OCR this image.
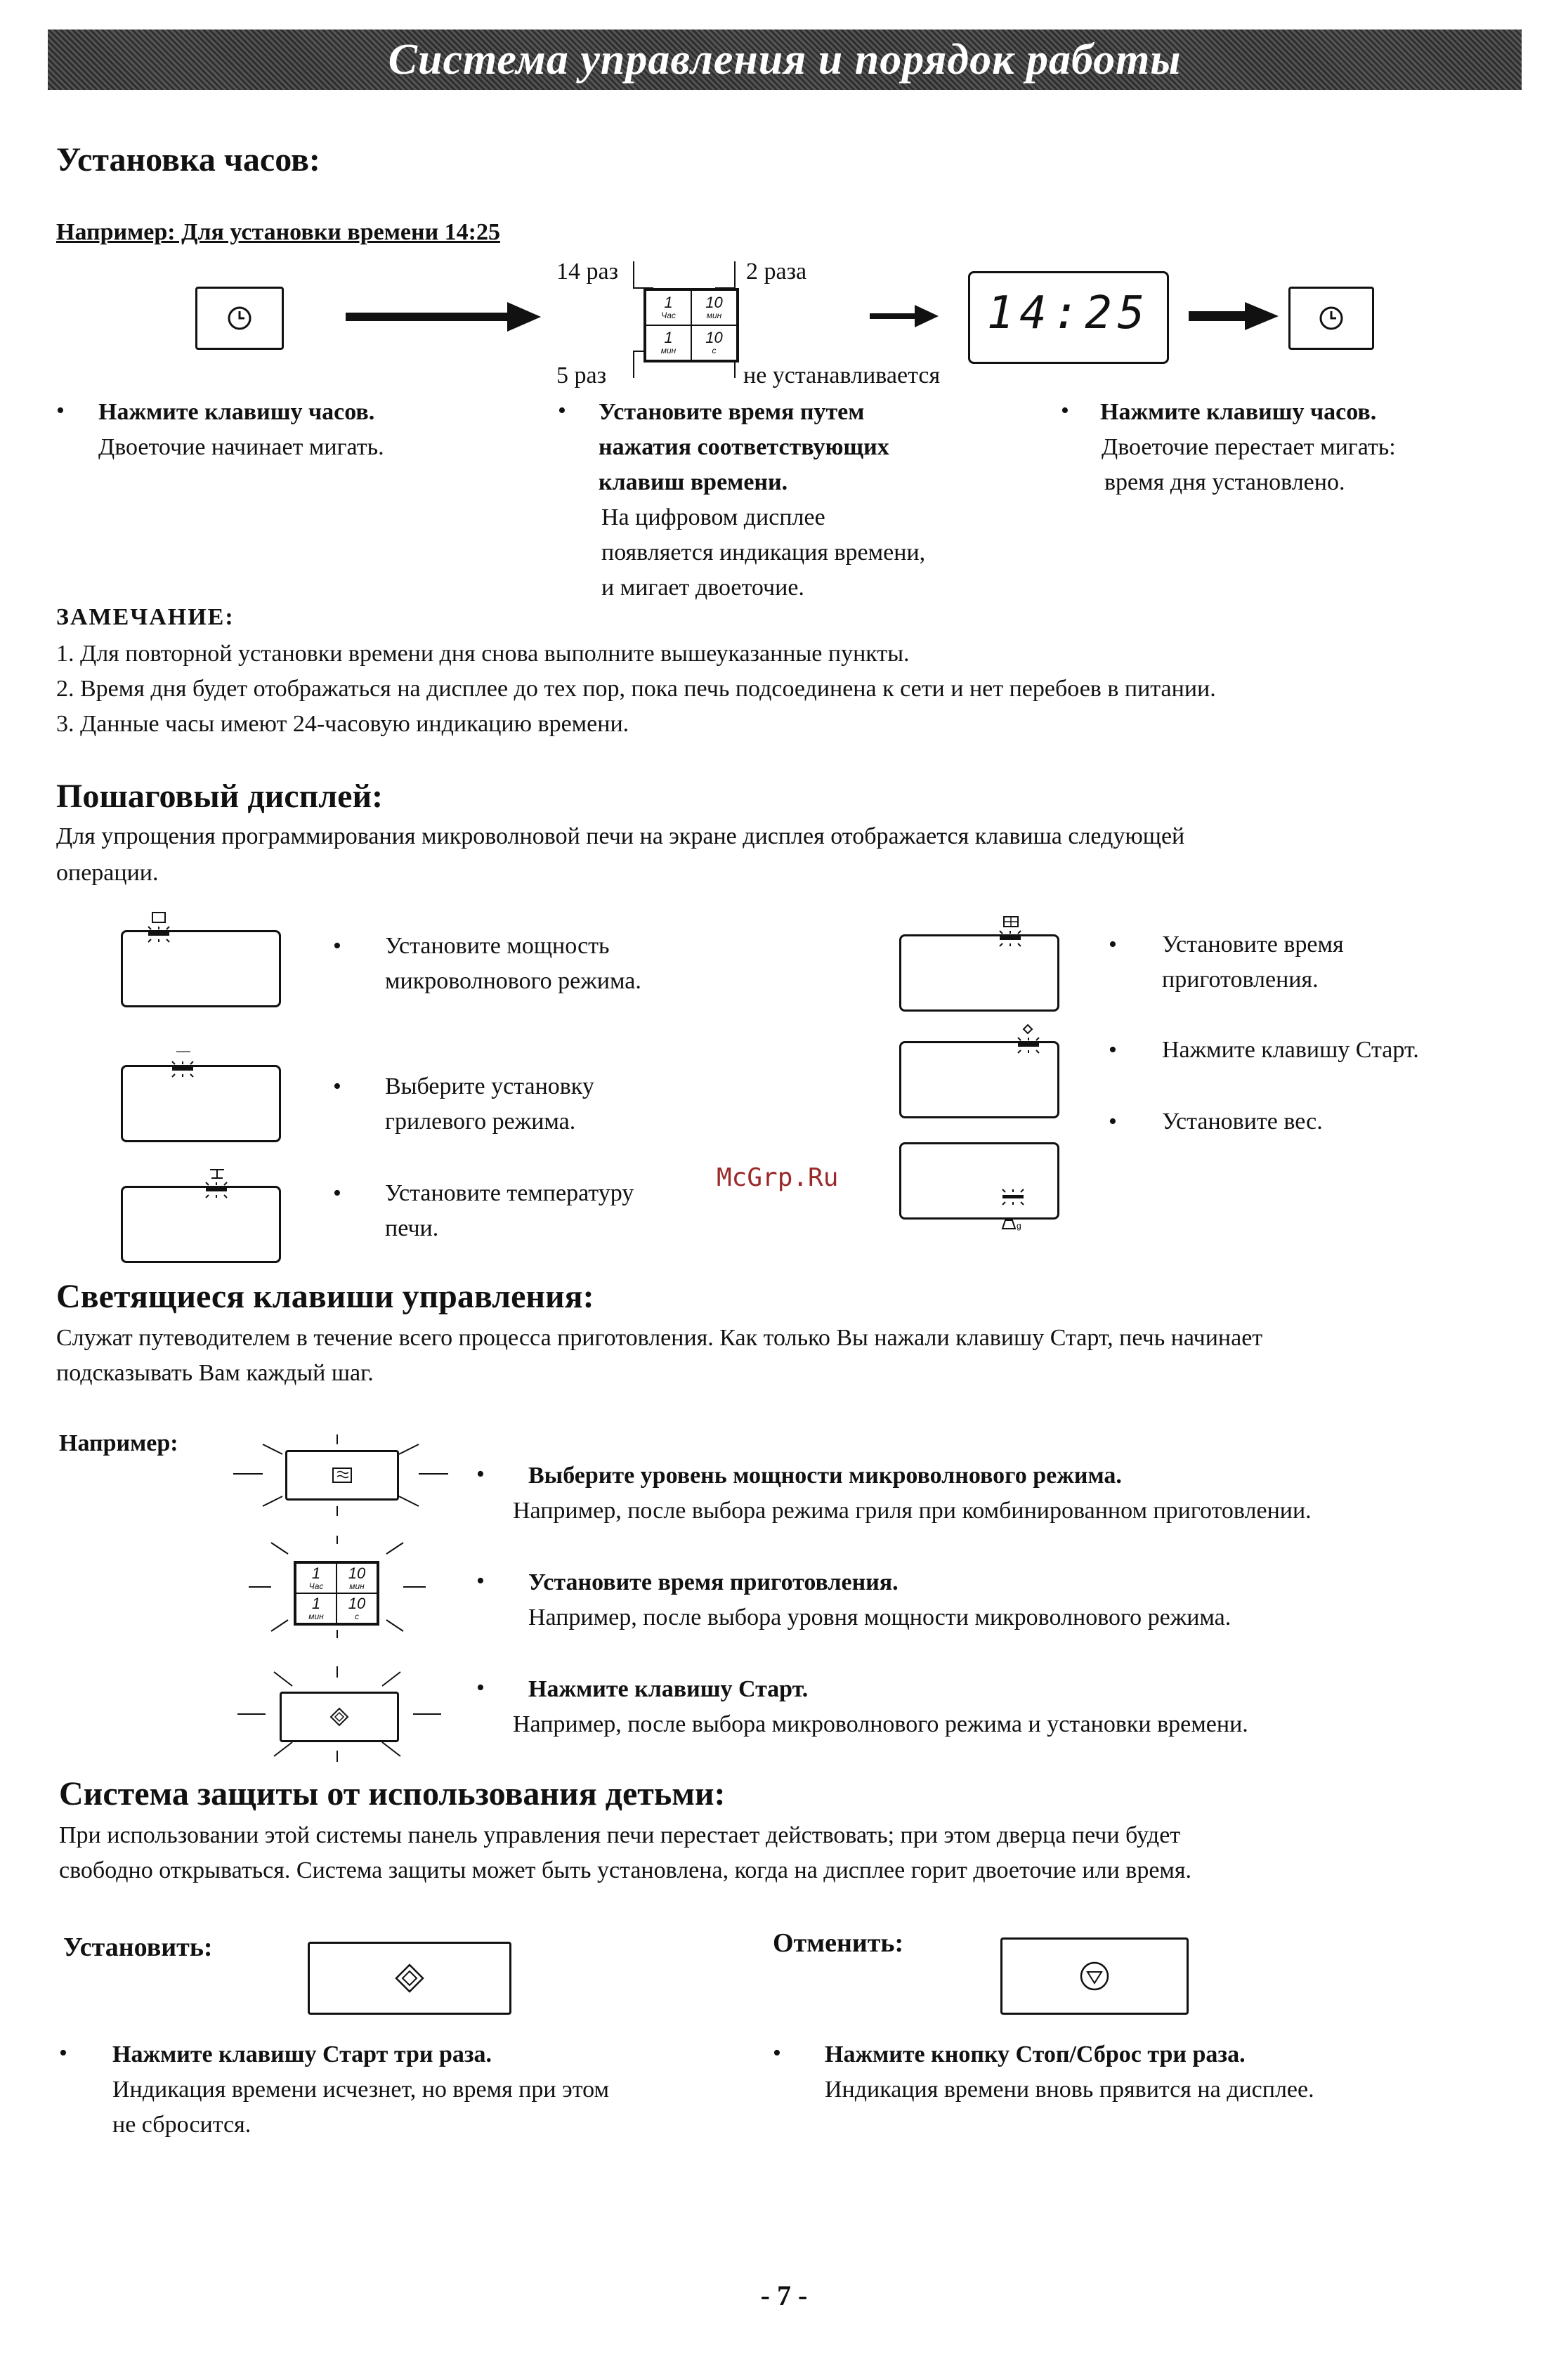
Система управления и порядок работы
Установка часов:
Например: Для установки времени 14:25
14 раз	2 раза
1
Час
10
мин
1
мин
10
с
5 раз	не устанавливается
14:25
• Нажмите клавишу часов.
Двоеточие начинает мигать.
• Установите время путем
нажатия соответствующих
клавиш времени.
На цифровом дисплее
появляется индикация времени,
и мигает двоеточие.
• Нажмите клавишу часов.
Двоеточие перестает мигать:
время дня установлено.
ЗАМЕЧАНИЕ:
1. Для повторной установки времени дня снова выполните вышеуказанные пункты.
2. Время дня будет отображаться на дисплее до тех пор, пока печь подсоединена к сети и нет перебоев в питании.
3. Данные часы имеют 24-часовую индикацию времени.
Пошаговый дисплей:
Для упрощения программирования микроволновой печи на экране дисплея отображается клавиша следующей
операции.
• Установите мощность
микроволнового режима.
• Выберите установку
грилевого режима.
• Установите температуру
печи.
McGrp.Ru
g
• Установите время
приготовления.
• Нажмите клавишу Старт.
• Установите вес.
Светящиеся клавиши управления:
Служат путеводителем в течение всего процесса приготовления. Как только Вы нажали клавишу Старт, печь начинает
подсказывать Вам каждый шаг.
Например:
1
Час
10
мин
1
мин
10
с
• Выберите уровень мощности микроволнового режима.
Например, после выбора режима гриля при комбинированном приготовлении.
• Установите время приготовления.
Например, после выбора уровня мощности микроволнового режима.
• Нажмите клавишу Старт.
Например, после выбора микроволнового режима и установки времени.
Система защиты от использования детьми:
При использовании этой системы панель управления печи перестает действовать; при этом дверца печи будет
свободно открываться. Система защиты может быть установлена, когда на дисплее горит двоеточие или время.
Установить:	Отменить:
• Нажмите клавишу Старт три раза.
Индикация времени исчезнет, но время при этом
не сбросится.
• Нажмите кнопку Стоп/Сброс три раза.
Индикация времени вновь прявится на дисплее.
- 7 -
